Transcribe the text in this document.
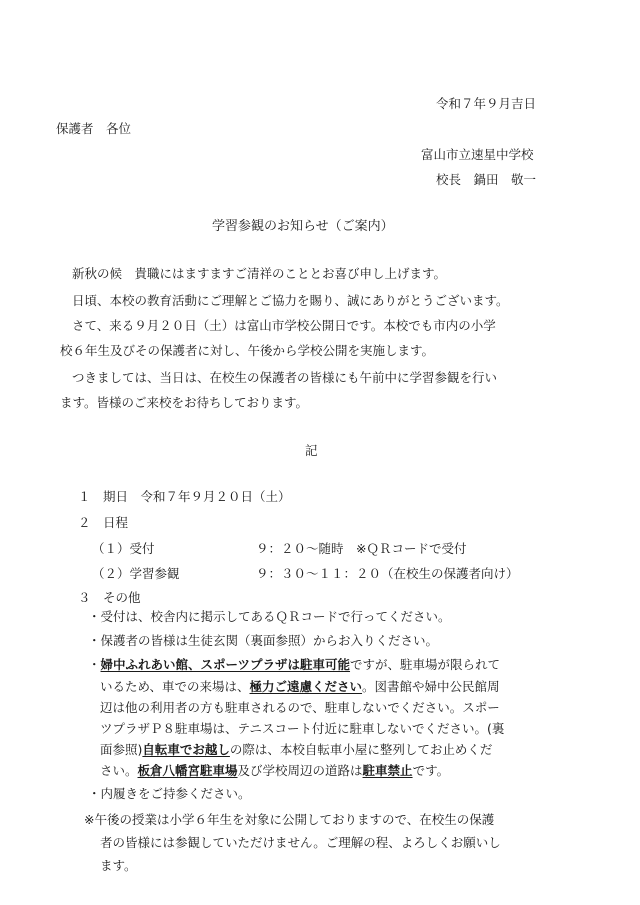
令和７年９月吉日
保護者　各位
富山市立速星中学校
校長　鍋田　敬一
学習参観のお知らせ（ご案内）
新秋の候　貴職にはますますご清祥のこととお喜び申し上げます。
日頃、本校の教育活動にご理解とご協力を賜り、誠にありがとうございます。
さて、来る９月２０日（土）は富山市学校公開日です。本校でも市内の小学
校６年生及びその保護者に対し、午後から学校公開を実施します。
つきましては、当日は、在校生の保護者の皆様にも午前中に学習参観を行い
ます。皆様のご来校をお待ちしております。
記
１　期日　令和７年９月２０日（土）
２　日程
（１）受付	９：２０～随時　※ＱＲコードで受付
（２）学習参観	９：３０～１１：２０（在校生の保護者向け）
３　その他
・受付は、校舎内に掲示してあるＱＲコードで行ってください。
・保護者の皆様は生徒玄関（裏面参照）からお入りください。
・婦中ふれあい館、スポーツプラザは駐車可能ですが、駐車場が限られて
いるため、車での来場は、極力ご遠慮ください。図書館や婦中公民館周
辺は他の利用者の方も駐車されるので、駐車しないでください。スポー
ツプラザＰ８駐車場は、テニスコート付近に駐車しないでください。(裏
面参照)自転車でお越しの際は、本校自転車小屋に整列してお止めくだ
さい。板倉八幡宮駐車場及び学校周辺の道路は駐車禁止です。
・内履きをご持参ください。
※午後の授業は小学６年生を対象に公開しておりますので、在校生の保護
者の皆様には参観していただけません。ご理解の程、よろしくお願いし
ます。
